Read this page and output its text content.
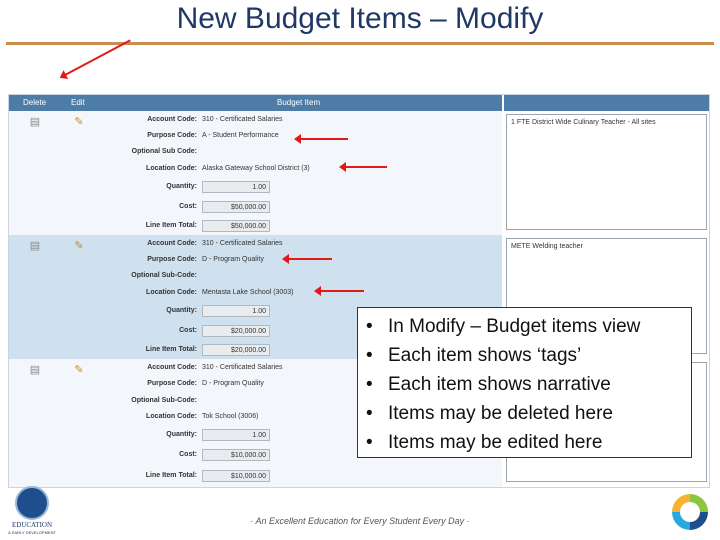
New Budget Items – Modify
Delete	Edit	Budget Item
▤	✎	Account Code: 310 - Certificated Salaries
Purpose Code: A - Student Performance
Optional Sub Code:
Location Code: Alaska Gateway School District (3)
Quantity:	1.00
Cost:	$50,000.00
Line Item Total:	$50,000.00
1 FTE District Wide Culinary Teacher - All sites
▤	✎	Account Code: 310 - Certificated Salaries
Purpose Code: D - Program Quality
Optional Sub-Code:
Location Code: Mentasta Lake School (3003)
Quantity:	1.00
Cost:	$20,000.00
Line Item Total:	$20,000.00
METE Welding teacher
▤	✎	Account Code: 310 - Certificated Salaries
Purpose Code: D - Program Quality
Optional Sub-Code:
Location Code: Tok School (3006)
Quantity:	1.00
Cost:	$10,000.00
Line Item Total:	$10,000.00
• In Modify – Budget items view
• Each item shows ‘tags’
• Each item shows narrative
• Items may be deleted here
• Items may be edited here
EDUCATION
& EARLY DEVELOPMENT
· An Excellent Education for Every Student Every Day ·
